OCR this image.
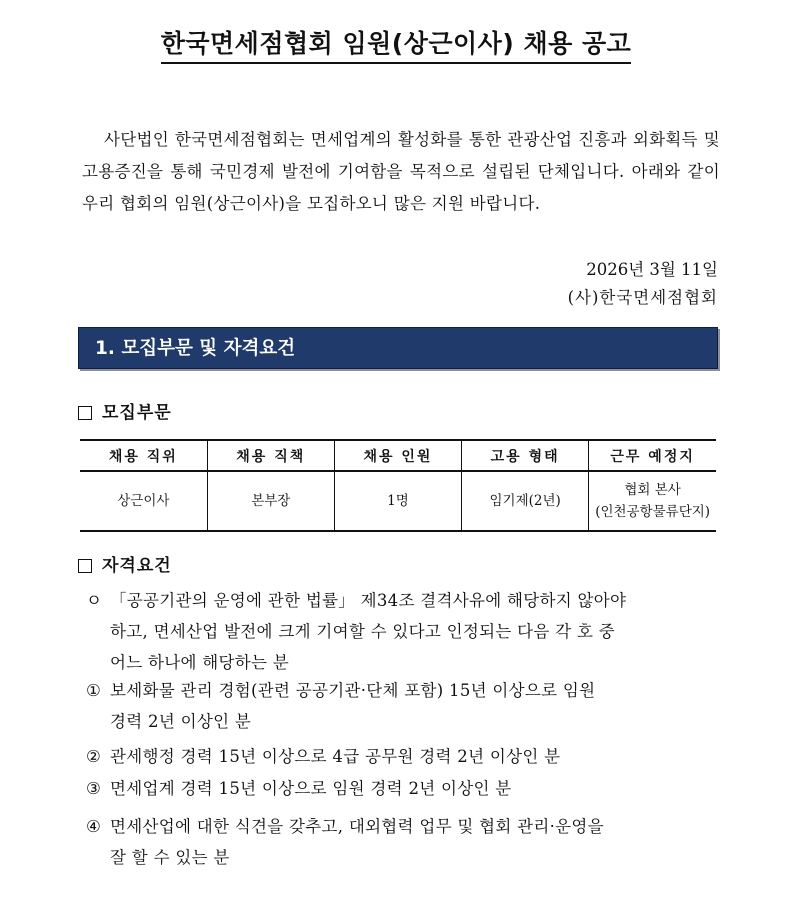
한국면세점협회 임원(상근이사) 채용 공고

사단법인 한국면세점협회는 면세업계의 활성화를 통한 관광산업 진흥과 외화획득 및 고용증진을 통해 국민경제 발전에 기여함을 목적으로 설립된 단체입니다. 아래와 같이 우리 협회의 임원(상근이사)을 모집하오니 많은 지원 바랍니다.

2026년 3월 11일
(사)한국면세점협회
1. 모집부문 및 자격요건
모집부문
채용 직위	채용 직책	채용 인원	고용 형태	근무 예정지
상근이사	본부장	1명	임기제(2년)	협회 본사
(인천공항물류단지)
자격요건
ㅇ 「공공기관의 운영에 관한 법률」 제34조 결격사유에 해당하지 않아야
하고, 면세산업 발전에 크게 기여할 수 있다고 인정되는 다음 각 호 중
어느 하나에 해당하는 분
① 보세화물 관리 경험(관련 공공기관·단체 포함) 15년 이상으로 임원
경력 2년 이상인 분
② 관세행정 경력 15년 이상으로 4급 공무원 경력 2년 이상인 분
③ 면세업계 경력 15년 이상으로 임원 경력 2년 이상인 분
④ 면세산업에 대한 식견을 갖추고, 대외협력 업무 및 협회 관리·운영을
잘 할 수 있는 분
